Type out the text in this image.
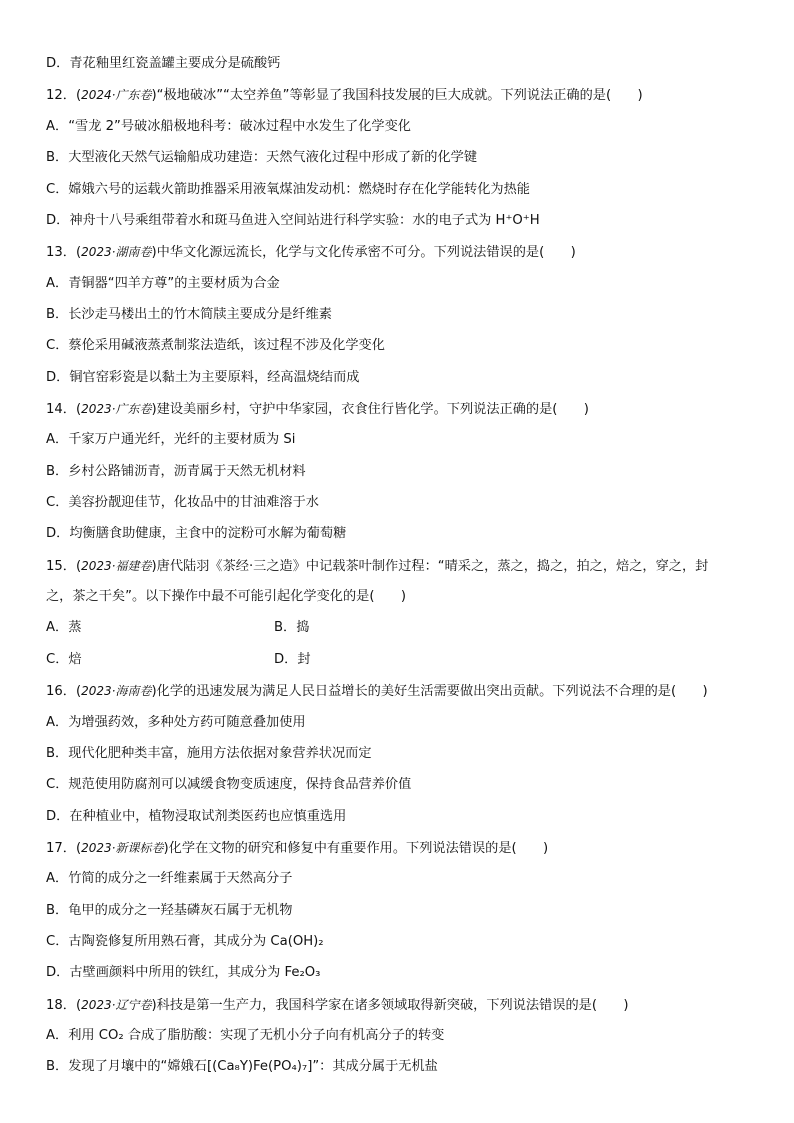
D．青花釉里红瓷盖罐主要成分是硫酸钙
12．(2024·广东卷)“极地破冰”“太空养鱼”等彰显了我国科技发展的巨大成就。下列说法正确的是(　　)
A．“雪龙 2”号破冰船极地科考：破冰过程中水发生了化学变化
B．大型液化天然气运输船成功建造：天然气液化过程中形成了新的化学键
C．嫦娥六号的运载火箭助推器采用液氧煤油发动机：燃烧时存在化学能转化为热能
D．神舟十八号乘组带着水和斑马鱼进入空间站进行科学实验：水的电子式为 H⁺O⁺H
13．(2023·湖南卷)中华文化源远流长，化学与文化传承密不可分。下列说法错误的是(　　)
A．青铜器“四羊方尊”的主要材质为合金
B．长沙走马楼出土的竹木简牍主要成分是纤维素
C．蔡伦采用碱液蒸煮制浆法造纸，该过程不涉及化学变化
D．铜官窑彩瓷是以黏土为主要原料，经高温烧结而成
14．(2023·广东卷)建设美丽乡村，守护中华家园，衣食住行皆化学。下列说法正确的是(　　)
A．千家万户通光纤，光纤的主要材质为 Si
B．乡村公路铺沥青，沥青属于天然无机材料
C．美容扮靓迎佳节，化妆品中的甘油难溶于水
D．均衡膳食助健康，主食中的淀粉可水解为葡萄糖
15．(2023·福建卷)唐代陆羽《茶经·三之造》中记载茶叶制作过程：“晴采之，蒸之，捣之，拍之，焙之，穿之，封
之，茶之干矣”。以下操作中最不可能引起化学变化的是(　　)
A．蒸	B．捣
C．焙	D．封
16．(2023·海南卷)化学的迅速发展为满足人民日益增长的美好生活需要做出突出贡献。下列说法不合理的是(　　)
A．为增强药效，多种处方药可随意叠加使用
B．现代化肥种类丰富，施用方法依据对象营养状况而定
C．规范使用防腐剂可以减缓食物变质速度，保持食品营养价值
D．在种植业中，植物浸取试剂类医药也应慎重选用
17．(2023·新课标卷)化学在文物的研究和修复中有重要作用。下列说法错误的是(　　)
A．竹简的成分之一纤维素属于天然高分子
B．龟甲的成分之一羟基磷灰石属于无机物
C．古陶瓷修复所用熟石膏，其成分为 Ca(OH)₂
D．古壁画颜料中所用的铁红，其成分为 Fe₂O₃
18．(2023·辽宁卷)科技是第一生产力，我国科学家在诸多领域取得新突破，下列说法错误的是(　　)
A．利用 CO₂ 合成了脂肪酸：实现了无机小分子向有机高分子的转变
B．发现了月壤中的“嫦娥石[(Ca₈Y)Fe(PO₄)₇]”：其成分属于无机盐
